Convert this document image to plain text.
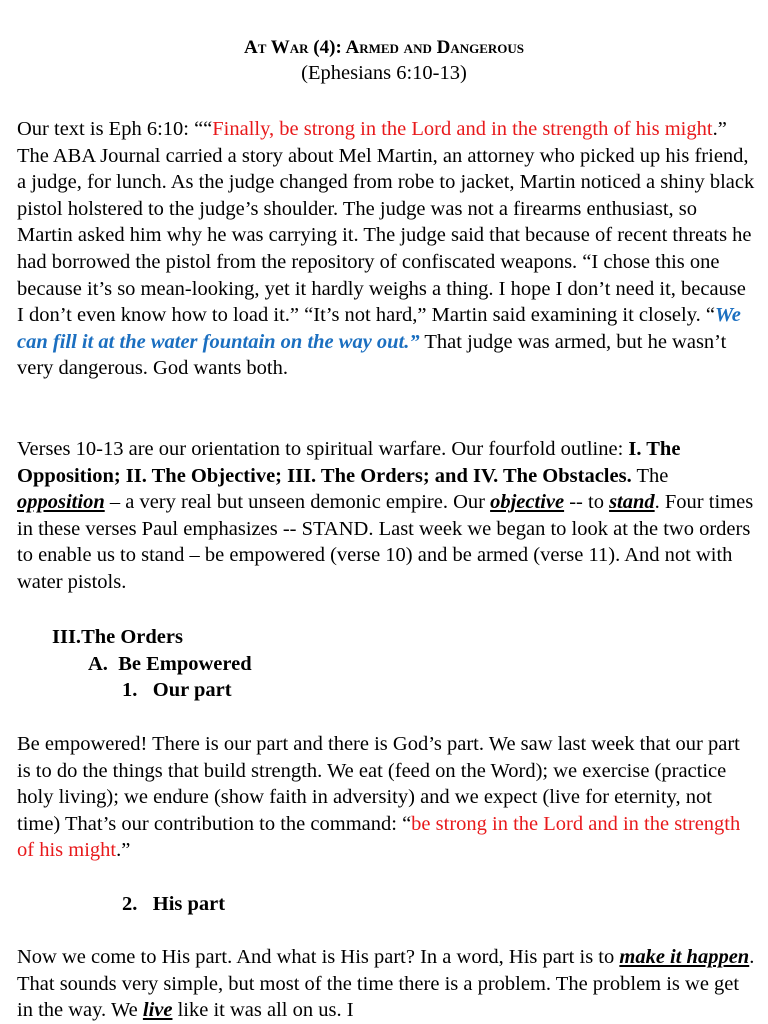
At War (4): Armed and Dangerous
(Ephesians 6:10-13)
Our text is Eph 6:10: ““Finally, be strong in the Lord and in the strength of his might.” The ABA Journal carried a story about Mel Martin, an attorney who picked up his friend, a judge, for lunch. As the judge changed from robe to jacket, Martin noticed a shiny black pistol holstered to the judge’s shoulder. The judge was not a firearms enthusiast, so Martin asked him why he was carrying it. The judge said that because of recent threats he had borrowed the pistol from the repository of confiscated weapons. “I chose this one because it’s so mean-looking, yet it hardly weighs a thing. I hope I don’t need it, because I don’t even know how to load it.” “It’s not hard,” Martin said examining it closely. “We can fill it at the water fountain on the way out.” That judge was armed, but he wasn’t very dangerous. God wants both.
Verses 10-13 are our orientation to spiritual warfare. Our fourfold outline: I. The Opposition; II. The Objective; III. The Orders; and IV. The Obstacles. The opposition – a very real but unseen demonic empire. Our objective -- to stand. Four times in these verses Paul emphasizes -- STAND. Last week we began to look at the two orders to enable us to stand – be empowered (verse 10) and be armed (verse 11). And not with water pistols.
III.The Orders
A. Be Empowered
1. Our part
Be empowered! There is our part and there is God’s part. We saw last week that our part is to do the things that build strength. We eat (feed on the Word); we exercise (practice holy living); we endure (show faith in adversity) and we expect (live for eternity, not time) That’s our contribution to the command: “be strong in the Lord and in the strength of his might.”
2. His part
Now we come to His part. And what is His part? In a word, His part is to make it happen. That sounds very simple, but most of the time there is a problem. The problem is we get in the way. We live like it was all on us. I
